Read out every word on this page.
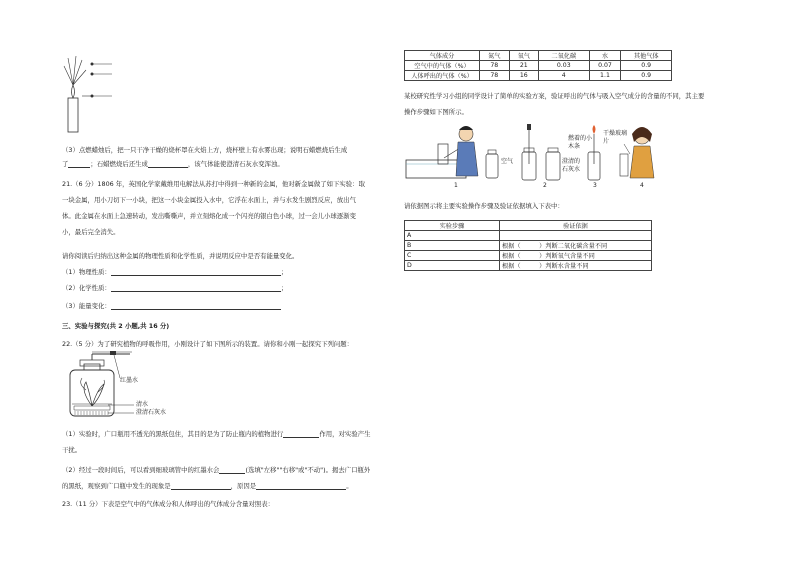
（3）点燃蜡烛后，把一只干净干燥的烧杯罩在火焰上方，烧杯壁上有水雾出现；说明石蜡燃烧后生成
了	；石蜡燃烧后还生成	，该气体能使澄清石灰水变浑浊。
21.（6 分）1806 年，英国化学家戴维用电解法从苏打中得到一种新的金属，他对新金属做了如下实验：取
一块金属，用小刀切下一小块，把这一小块金属投入水中，它浮在水面上，并与水发生剧烈反应，放出气
体。此金属在水面上急速转动，发出嘶嘶声，并立刻熔化成一个闪亮的银白色小球，过一会儿小球逐渐变
小，最后完全消失。
请你阅读后归纳出这种金属的物理性质和化学性质，并说明反应中是否有能量变化。
（1）物理性质：	；
（2）化学性质：	；
（3）能量变化：
三、实验与探究(共 2 小题,共 16 分)
22.（5 分）为了研究植物的呼吸作用，小刚设计了如下图所示的装置。请你和小刚一起探究下列问题：
红墨水
清水
澄清石灰水
（1）实验时，广口瓶用不透光的黑纸包住，其目的是为了防止瓶内的植物进行	作用，对实验产生
干扰。
（2）经过一段时间后，可以看到细玻璃管中的红墨水会	(选填"左移""右移"或"不动")。揭去广口瓶外
的黑纸，观察到广口瓶中发生的现象是	，原因是	。
23.（11 分）下表是空气中的气体成分和人体呼出的气体成分含量对照表：
气体成分	氮气	氧气	二氧化碳	水	其他气体
空气中的气体（%）	78	21	0.03	0.07	0.9
人体呼出的气体（%）	78	16	4	1.1	0.9
某校研究性学习小组的同学设计了简单的实验方案，验证呼出的气体与吸入空气成分的含量的不同，其主要
操作步骤如下图所示。
空气	澄清的石灰水
燃着的小木条
干燥玻璃片
1	2	3	4
请依据图示将主要实验操作步骤及验证依据填入下表中：
实验步骤	验证依据
A	
B	根据（　　　）判断二氧化碳含量不同
C	根据（　　　）判断氧气含量不同
D	根据（　　　）判断水含量不同
